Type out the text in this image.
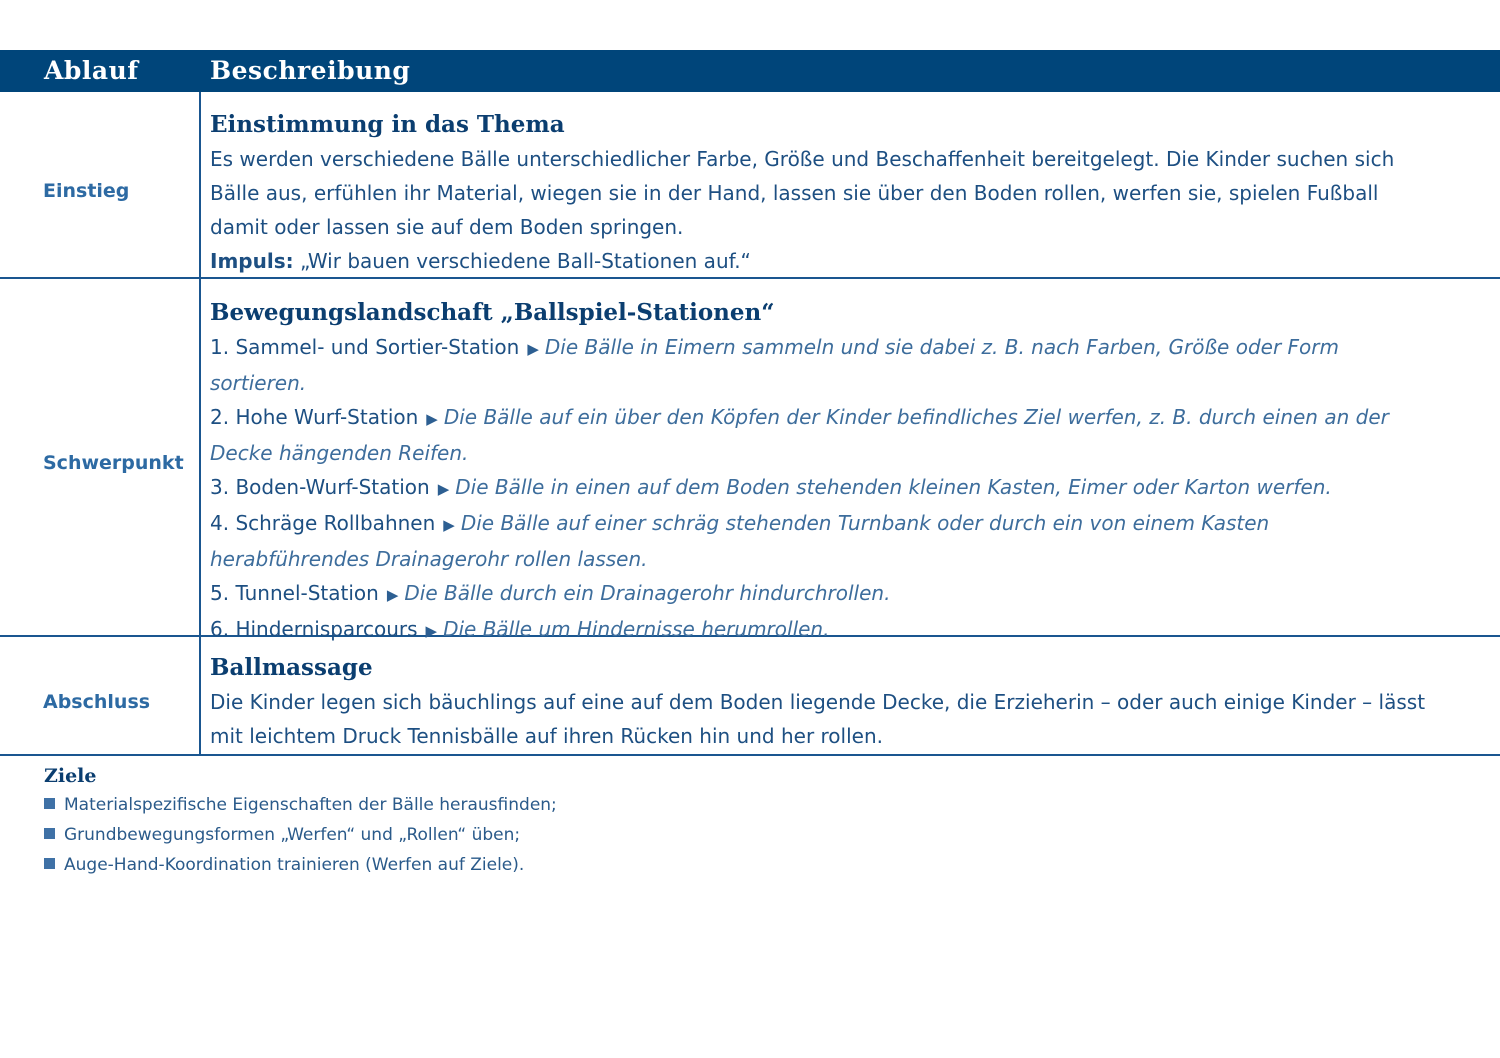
Ablauf	Beschreibung
Einstieg
Einstimmung in das Thema
Es werden verschiedene Bälle unterschiedlicher Farbe, Größe und Beschaffenheit bereitgelegt. Die Kinder suchen sich
Bälle aus, erfühlen ihr Material, wiegen sie in der Hand, lassen sie über den Boden rollen, werfen sie, spielen Fußball
damit oder lassen sie auf dem Boden springen.
Impuls: „Wir bauen verschiedene Ball-Stationen auf.“
Schwerpunkt
Bewegungslandschaft „Ballspiel-Stationen“
1. Sammel- und Sortier-Station ▶ Die Bälle in Eimern sammeln und sie dabei z. B. nach Farben, Größe oder Form
sortieren.
2. Hohe Wurf-Station ▶ Die Bälle auf ein über den Köpfen der Kinder befindliches Ziel werfen, z. B. durch einen an der
Decke hängenden Reifen.
3. Boden-Wurf-Station ▶ Die Bälle in einen auf dem Boden stehenden kleinen Kasten, Eimer oder Karton werfen.
4. Schräge Rollbahnen ▶ Die Bälle auf einer schräg stehenden Turnbank oder durch ein von einem Kasten
herabführendes Drainagerohr rollen lassen.
5. Tunnel-Station ▶ Die Bälle durch ein Drainagerohr hindurchrollen.
6. Hindernisparcours ▶ Die Bälle um Hindernisse herumrollen.
Abschluss
Ballmassage
Die Kinder legen sich bäuchlings auf eine auf dem Boden liegende Decke, die Erzieherin – oder auch einige Kinder – lässt
mit leichtem Druck Tennisbälle auf ihren Rücken hin und her rollen.
Ziele
Materialspezifische Eigenschaften der Bälle herausfinden;
Grundbewegungsformen „Werfen“ und „Rollen“ üben;
Auge-Hand-Koordination trainieren (Werfen auf Ziele).
